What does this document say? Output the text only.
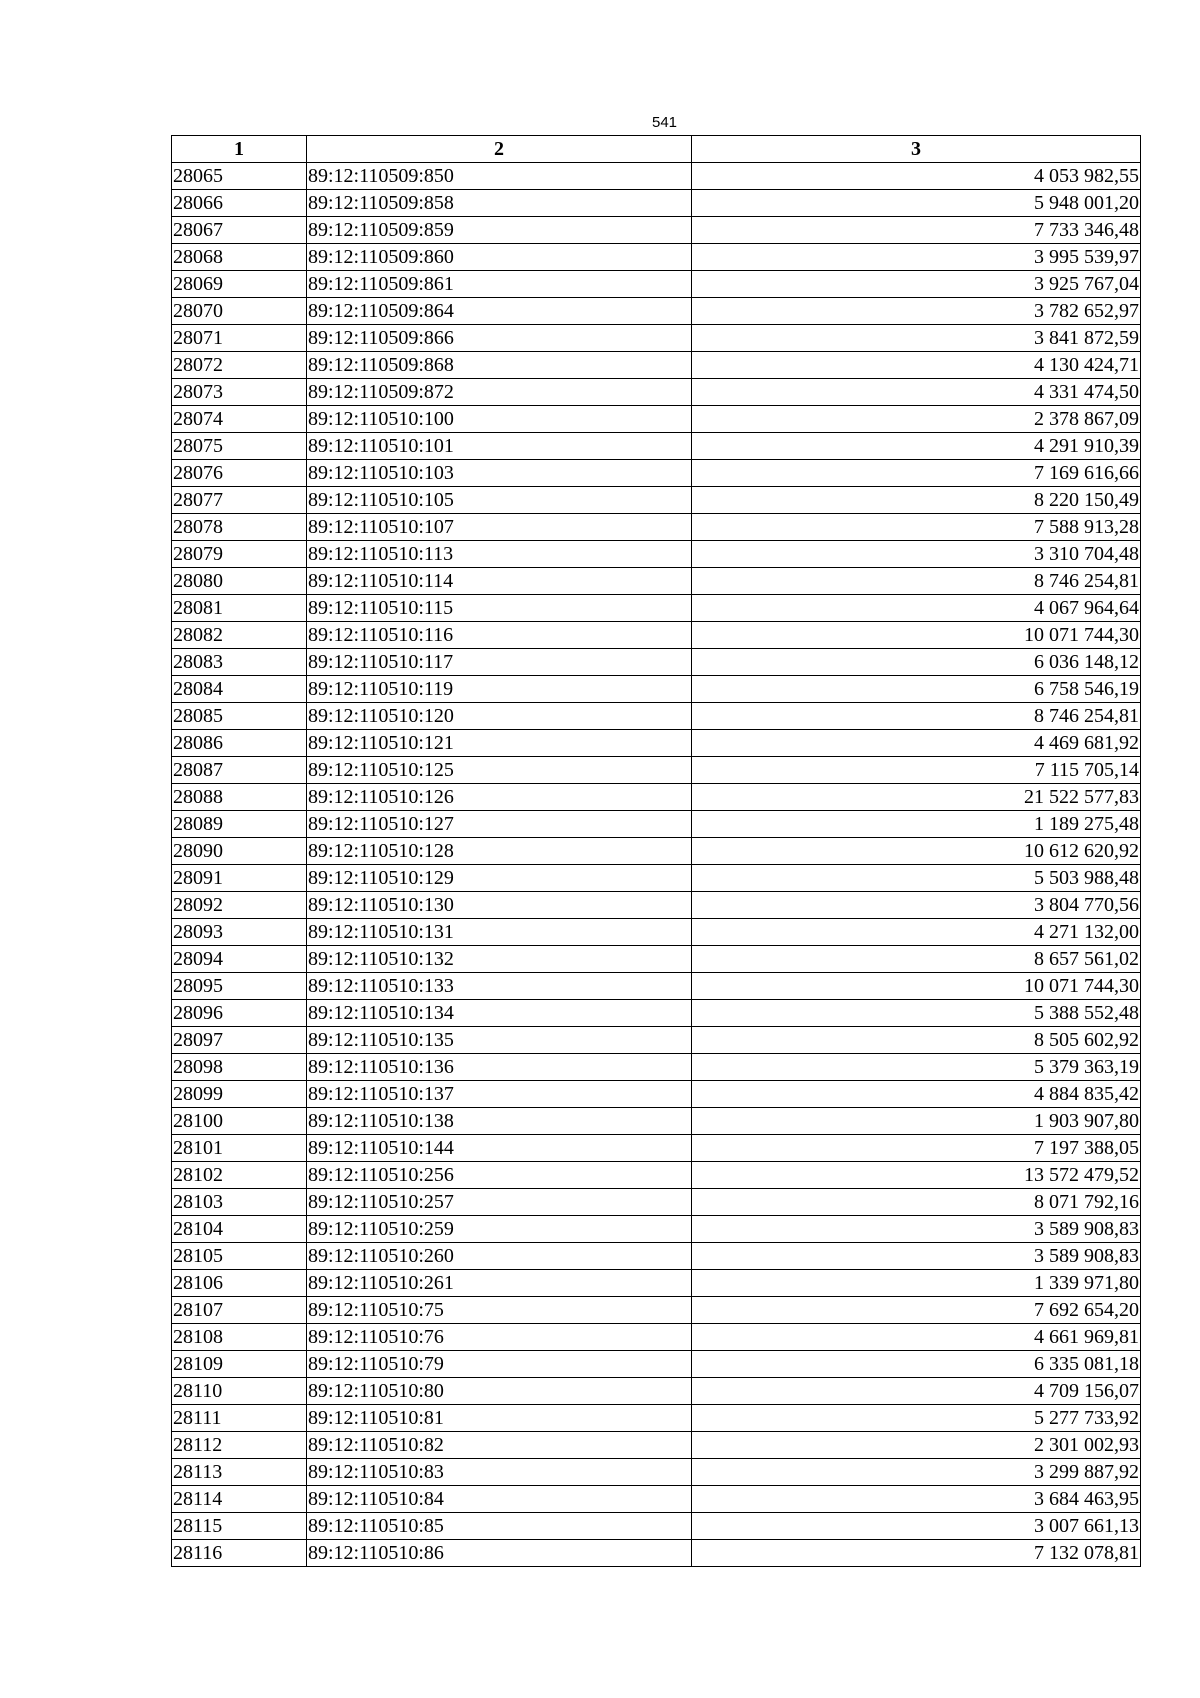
541
1	2	3
28065	89:12:110509:850	4 053 982,55
28066	89:12:110509:858	5 948 001,20
28067	89:12:110509:859	7 733 346,48
28068	89:12:110509:860	3 995 539,97
28069	89:12:110509:861	3 925 767,04
28070	89:12:110509:864	3 782 652,97
28071	89:12:110509:866	3 841 872,59
28072	89:12:110509:868	4 130 424,71
28073	89:12:110509:872	4 331 474,50
28074	89:12:110510:100	2 378 867,09
28075	89:12:110510:101	4 291 910,39
28076	89:12:110510:103	7 169 616,66
28077	89:12:110510:105	8 220 150,49
28078	89:12:110510:107	7 588 913,28
28079	89:12:110510:113	3 310 704,48
28080	89:12:110510:114	8 746 254,81
28081	89:12:110510:115	4 067 964,64
28082	89:12:110510:116	10 071 744,30
28083	89:12:110510:117	6 036 148,12
28084	89:12:110510:119	6 758 546,19
28085	89:12:110510:120	8 746 254,81
28086	89:12:110510:121	4 469 681,92
28087	89:12:110510:125	7 115 705,14
28088	89:12:110510:126	21 522 577,83
28089	89:12:110510:127	1 189 275,48
28090	89:12:110510:128	10 612 620,92
28091	89:12:110510:129	5 503 988,48
28092	89:12:110510:130	3 804 770,56
28093	89:12:110510:131	4 271 132,00
28094	89:12:110510:132	8 657 561,02
28095	89:12:110510:133	10 071 744,30
28096	89:12:110510:134	5 388 552,48
28097	89:12:110510:135	8 505 602,92
28098	89:12:110510:136	5 379 363,19
28099	89:12:110510:137	4 884 835,42
28100	89:12:110510:138	1 903 907,80
28101	89:12:110510:144	7 197 388,05
28102	89:12:110510:256	13 572 479,52
28103	89:12:110510:257	8 071 792,16
28104	89:12:110510:259	3 589 908,83
28105	89:12:110510:260	3 589 908,83
28106	89:12:110510:261	1 339 971,80
28107	89:12:110510:75	7 692 654,20
28108	89:12:110510:76	4 661 969,81
28109	89:12:110510:79	6 335 081,18
28110	89:12:110510:80	4 709 156,07
28111	89:12:110510:81	5 277 733,92
28112	89:12:110510:82	2 301 002,93
28113	89:12:110510:83	3 299 887,92
28114	89:12:110510:84	3 684 463,95
28115	89:12:110510:85	3 007 661,13
28116	89:12:110510:86	7 132 078,81
